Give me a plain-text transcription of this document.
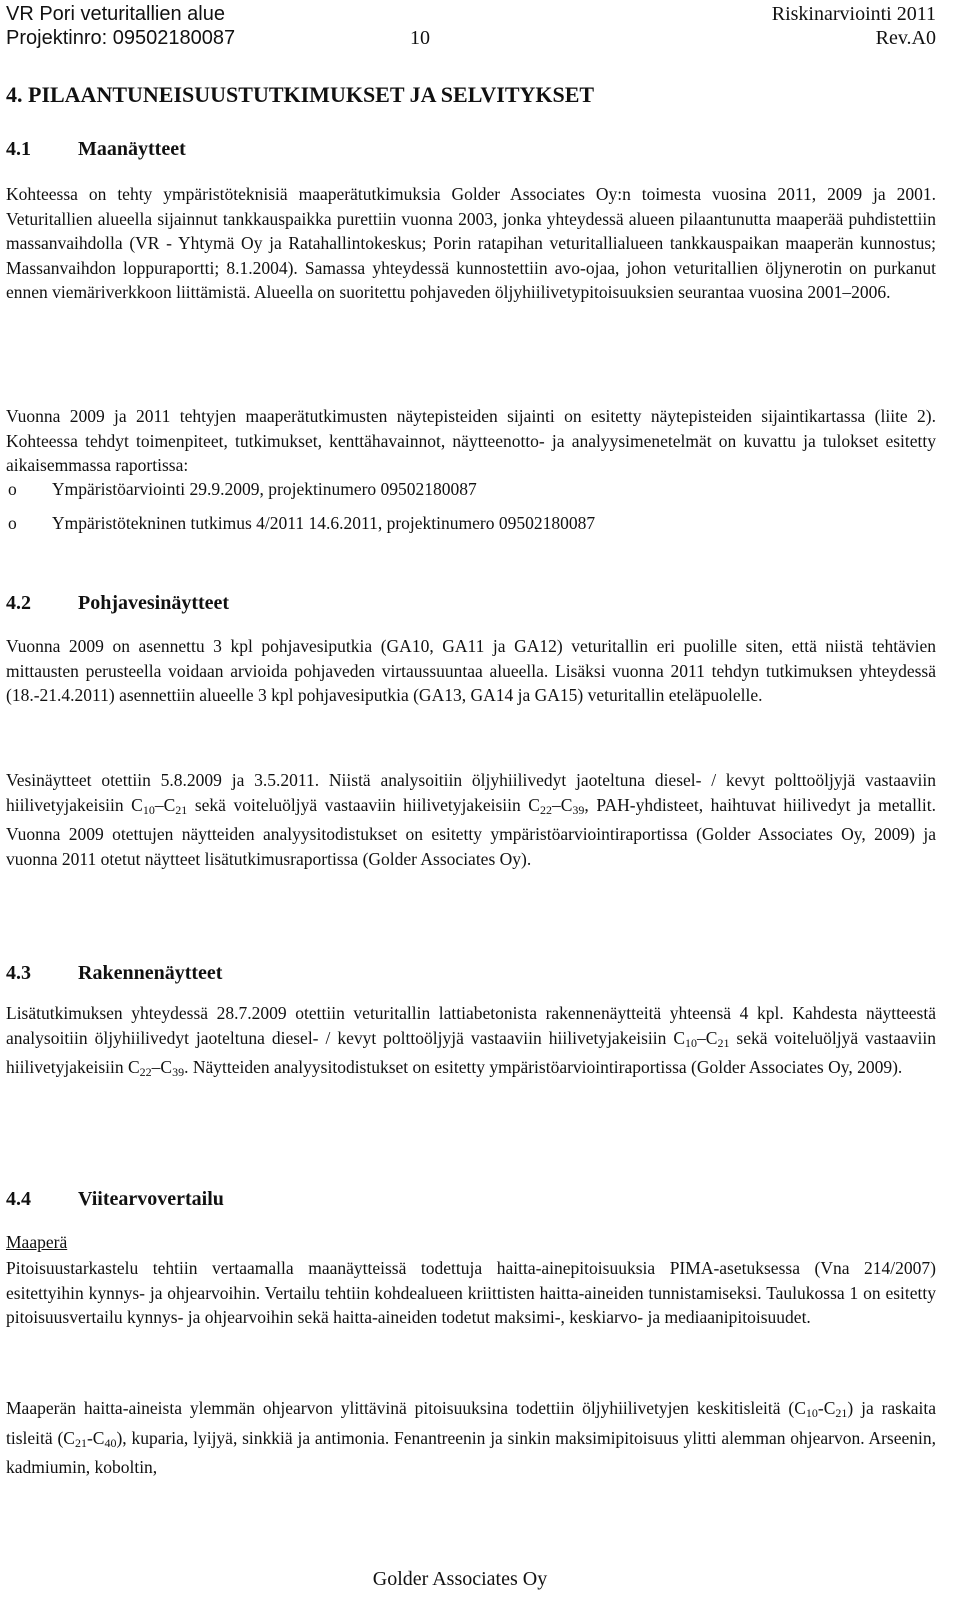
VR Pori veturitallien alue	Riskinarviointi 2011
Projektinro: 09502180087	10	Rev.A0
4. PILAANTUNEISUUSTUTKIMUKSET JA SELVITYKSET
4.1 Maanäytteet

Kohteessa on tehty ympäristöteknisiä maaperätutkimuksia Golder Associates Oy:n toimesta vuosina 2011, 2009 ja 2001. Veturitallien alueella sijainnut tankkauspaikka purettiin vuonna 2003, jonka yhteydessä alueen pilaantunutta maaperää puhdistettiin massanvaihdolla (VR - Yhtymä Oy ja Ratahallintokeskus; Porin ratapihan veturitallialueen tankkauspaikan maaperän kunnostus; Massanvaihdon loppuraportti; 8.1.2004). Samassa yhteydessä kunnostettiin avo-ojaa, johon veturitallien öljynerotin on purkanut ennen viemäriverkkoon liittämistä. Alueella on suoritettu pohjaveden öljyhiilivetypitoisuuksien seurantaa vuosina 2001–2006.

Vuonna 2009 ja 2011 tehtyjen maaperätutkimusten näytepisteiden sijainti on esitetty näytepisteiden sijaintikartassa (liite 2). Kohteessa tehdyt toimenpiteet, tutkimukset, kenttähavainnot, näytteenotto- ja analyysimenetelmät on kuvattu ja tulokset esitetty aikaisemmassa raportissa:

o Ympäristöarviointi 29.9.2009, projektinumero 09502180087
o Ympäristötekninen tutkimus 4/2011 14.6.2011, projektinumero 09502180087
4.2 Pohjavesinäytteet

Vuonna 2009 on asennettu 3 kpl pohjavesiputkia (GA10, GA11 ja GA12) veturitallin eri puolille siten, että niistä tehtävien mittausten perusteella voidaan arvioida pohjaveden virtaussuuntaa alueella. Lisäksi vuonna 2011 tehdyn tutkimuksen yhteydessä (18.-21.4.2011) asennettiin alueelle 3 kpl pohjavesiputkia (GA13, GA14 ja GA15) veturitallin eteläpuolelle.

Vesinäytteet otettiin 5.8.2009 ja 3.5.2011. Niistä analysoitiin öljyhiilivedyt jaoteltuna diesel- / kevyt polttoöljyjä vastaaviin hiilivetyjakeisiin $C_{10}-C_{21}$ sekä voiteluöljyä vastaaviin hiilivetyjakeisiin $C_{22}-C_{39}$, PAH-yhdisteet, haihtuvat hiilivedyt ja metallit. Vuonna 2009 otettujen näytteiden analyysitodistukset on esitetty ympäristöarviointiraportissa (Golder Associates Oy, 2009) ja vuonna 2011 otetut näytteet lisätutkimusraportissa (Golder Associates Oy).

4.3 Rakennenäytteet

Lisätutkimuksen yhteydessä 28.7.2009 otettiin veturitallin lattiabetonista rakennenäytteitä yhteensä 4 kpl. Kahdesta näytteestä analysoitiin öljyhiilivedyt jaoteltuna diesel- / kevyt polttoöljyjä vastaaviin hiilivetyjakeisiin $C_{10}-C_{21}$ sekä voiteluöljyä vastaaviin hiilivetyjakeisiin $C_{22}-C_{39}$. Näytteiden analyysitodistukset on esitetty ympäristöarviointiraportissa (Golder Associates Oy, 2009).

4.4 Viitearvovertailu
Maaperä

Pitoisuustarkastelu tehtiin vertaamalla maanäytteissä todettuja haitta-ainepitoisuuksia PIMA-asetuksessa (Vna 214/2007) esitettyihin kynnys- ja ohjearvoihin. Vertailu tehtiin kohdealueen kriittisten haitta-aineiden tunnistamiseksi. Taulukossa 1 on esitetty pitoisuusvertailu kynnys- ja ohjearvoihin sekä haitta-aineiden todetut maksimi-, keskiarvo- ja mediaanipitoisuudet.

Maaperän haitta-aineista ylemmän ohjearvon ylittävinä pitoisuuksina todettiin öljyhiilivetyjen keskitisleitä $(C_{10}-C_{21})$ ja raskaita tisleitä $(C_{21}-C_{40})$, kuparia, lyijyä, sinkkiä ja antimonia. Fenantreenin ja sinkin maksimipitoisuus ylitti alemman ohjearvon. Arseenin, kadmiumin, koboltin,

Golder Associates Oy
